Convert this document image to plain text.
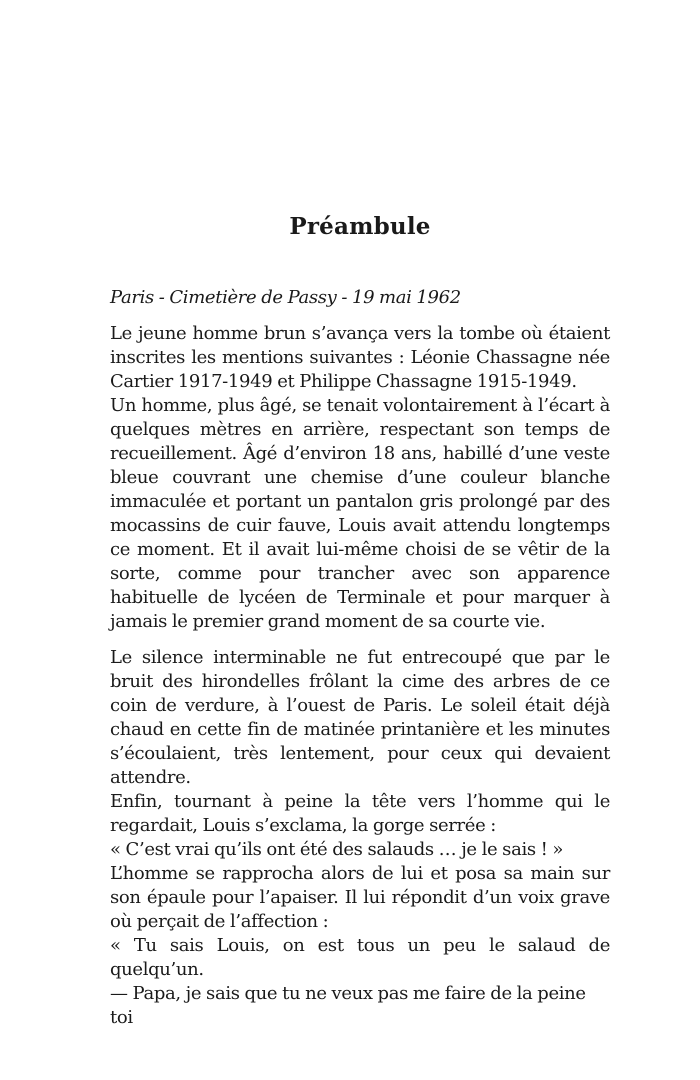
Préambule

Paris - Cimetière de Passy - 19 mai 1962

Le jeune homme brun s’avança vers la tombe où étaient inscrites les mentions suivantes : Léonie Chassagne née Cartier 1917-1949 et Philippe Chassagne 1915-1949.

Un homme, plus âgé, se tenait volontairement à l’écart à quelques mètres en arrière, respectant son temps de recueillement. Âgé d’environ 18 ans, habillé d’une veste bleue couvrant une chemise d’une couleur blanche immaculée et portant un pantalon gris prolongé par des mocassins de cuir fauve, Louis avait attendu longtemps ce moment. Et il avait lui-même choisi de se vêtir de la sorte, comme pour trancher avec son apparence habituelle de lycéen de Terminale et pour marquer à jamais le premier grand moment de sa courte vie.

Le silence interminable ne fut entrecoupé que par le bruit des hirondelles frôlant la cime des arbres de ce coin de verdure, à l’ouest de Paris. Le soleil était déjà chaud en cette fin de matinée printanière et les minutes s’écoulaient, très lentement, pour ceux qui devaient attendre.

Enfin, tournant à peine la tête vers l’homme qui le regardait, Louis s’exclama, la gorge serrée :

« C’est vrai qu’ils ont été des salauds … je le sais ! »

L’homme se rapprocha alors de lui et posa sa main sur son épaule pour l’apaiser. Il lui répondit d’un voix grave où perçait de l’affection :

« Tu sais Louis, on est tous un peu le salaud de quelqu’un.

— Papa, je sais que tu ne veux pas me faire de la peine toi
